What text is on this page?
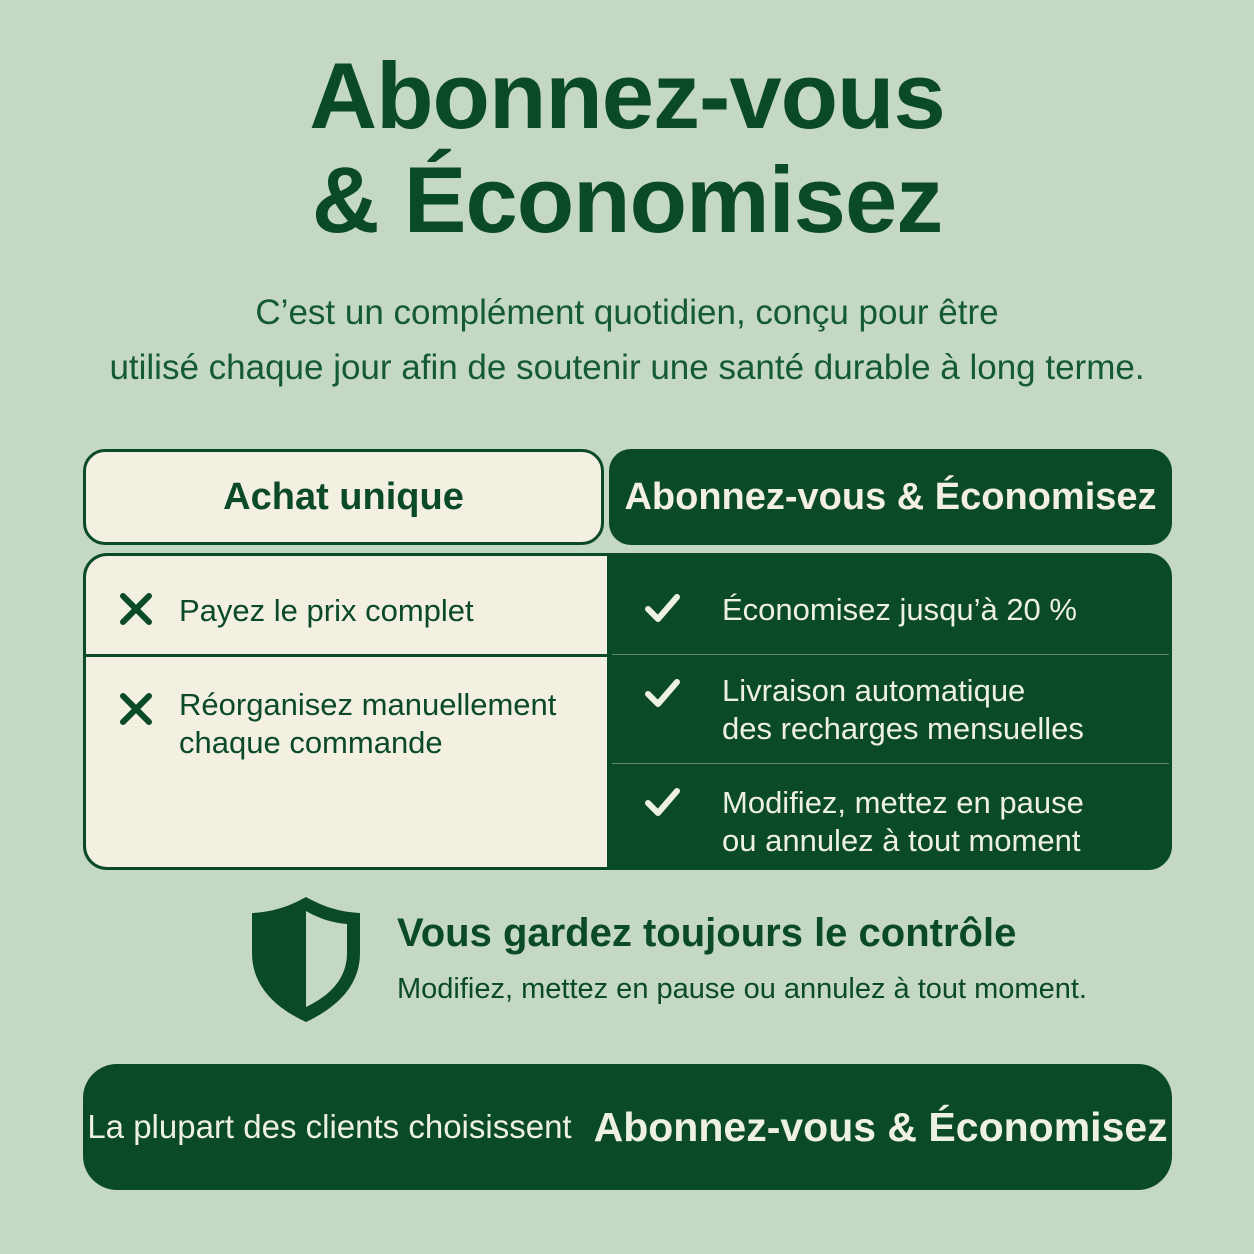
Abonnez-vous
& Économisez
C’est un complément quotidien, conçu pour être
utilisé chaque jour afin de soutenir une santé durable à long terme.
Achat unique	Abonnez-vous & Économisez
Payez le prix complet
Réorganisez manuellement
chaque commande
Économisez jusqu’à 20 %
Livraison automatique
des recharges mensuelles
Modifiez, mettez en pause
ou annulez à tout moment
Vous gardez toujours le contrôle
Modifiez, mettez en pause ou annulez à tout moment.
La plupart des clients choisissent Abonnez-vous & Économisez
